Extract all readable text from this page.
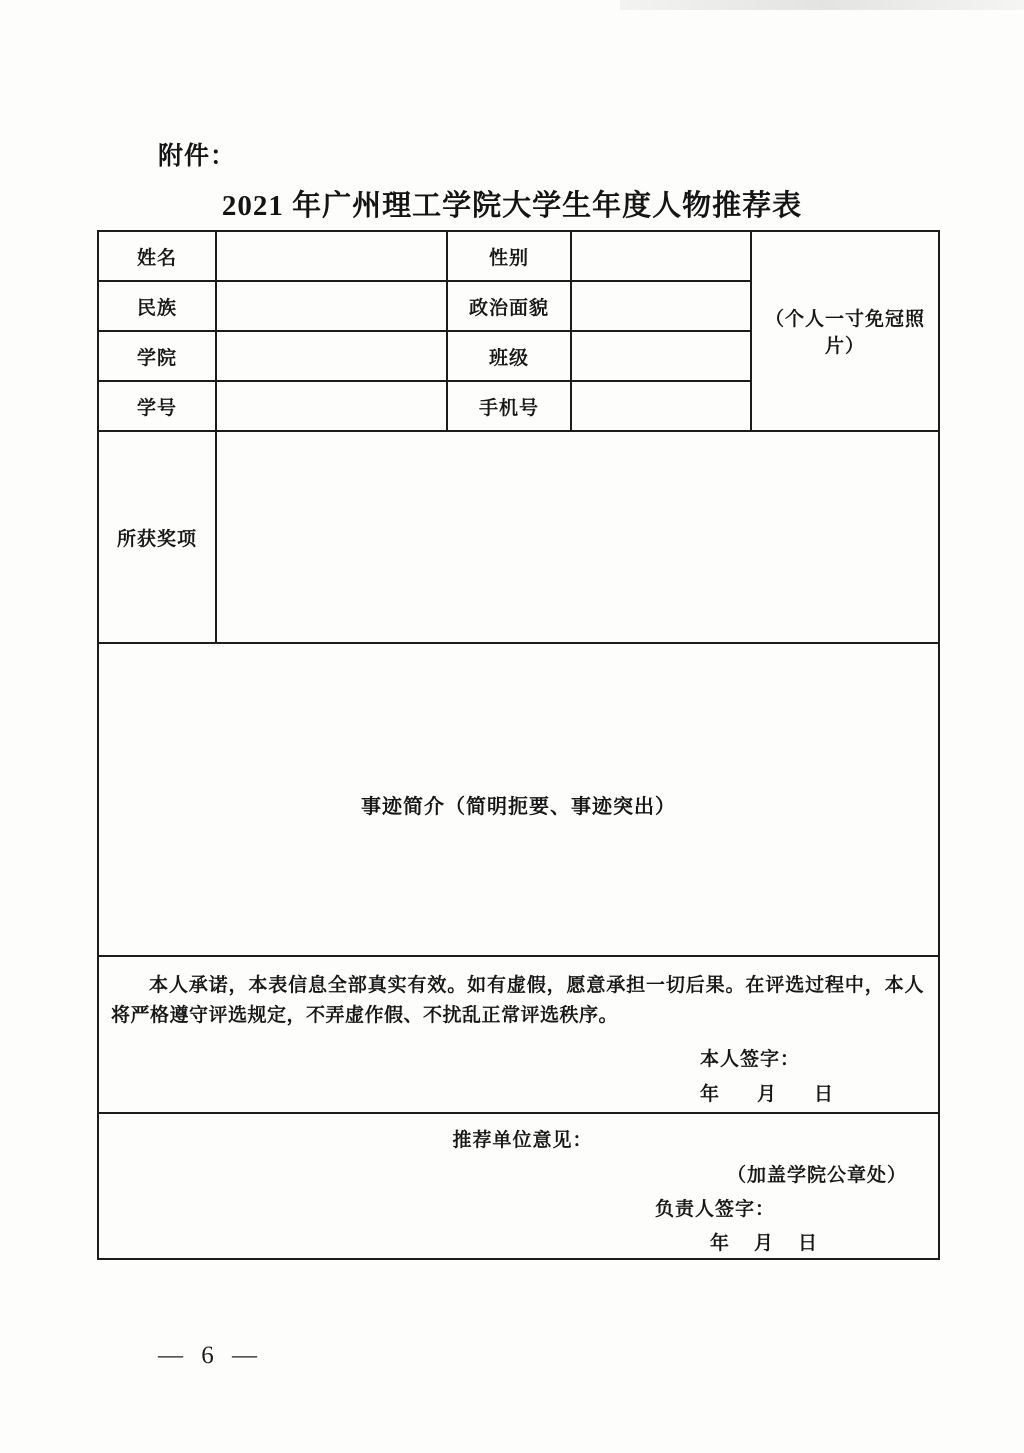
附件：
2021 年广州理工学院大学生年度人物推荐表
姓名		性别		（个人一寸免冠照片）
民族		政治面貌		
学院		班级		
学号		手机号		
所获奖项				

事迹简介（简明扼要、事迹突出）				

本人承诺，本表信息全部真实有效。如有虚假，愿意承担一切后果。在评选过程中，本人将严格遵守评选规定，不弄虚作假、不扰乱正常评选秩序。
本人签字：
年　　月　　日				

推荐单位意见：
（加盖学院公章处）
负责人签字：
年　月　日				
— 6 —
